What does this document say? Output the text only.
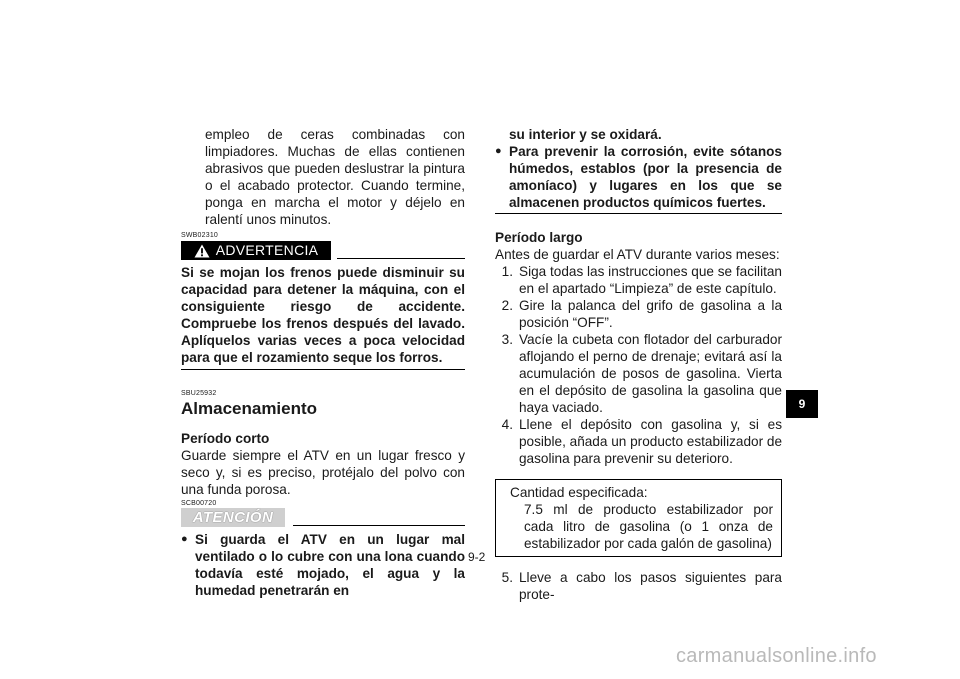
empleo de ceras combinadas con limpiadores. Muchas de ellas contienen abrasivos que pueden deslustrar la pintura o el acabado protector. Cuando termine, ponga en marcha el motor y déjelo en ralentí unos minutos.
SWB02310
ADVERTENCIA
Si se mojan los frenos puede disminuir su capacidad para detener la máquina, con el consiguiente riesgo de accidente. Compruebe los frenos después del lavado. Aplíquelos varias veces a poca velocidad para que el rozamiento seque los forros.
SBU25932
Almacenamiento
Período corto
Guarde siempre el ATV en un lugar fresco y seco y, si es preciso, protéjalo del polvo con una funda porosa.
SCB00720
ATENCIÓN
● Si guarda el ATV en un lugar mal ventilado o lo cubre con una lona cuando todavía esté mojado, el agua y la humedad penetrarán en
su interior y se oxidará.
● Para prevenir la corrosión, evite sótanos húmedos, establos (por la presencia de amoníaco) y lugares en los que se almacenen productos químicos fuertes.
Período largo
Antes de guardar el ATV durante varios meses:
1. Siga todas las instrucciones que se facilitan en el apartado “Limpieza” de este capítulo.
2. Gire la palanca del grifo de gasolina a la posición “OFF”.
3. Vacíe la cubeta con flotador del carburador aflojando el perno de drenaje; evitará así la acumulación de posos de gasolina. Vierta en el depósito de gasolina la gasolina que haya vaciado.
4. Llene el depósito con gasolina y, si es posible, añada un producto estabilizador de gasolina para prevenir su deterioro.
Cantidad especificada:
7.5 ml de producto estabilizador por cada litro de gasolina (o 1 onza de estabilizador por cada galón de gasolina)
5. Lleve a cabo los pasos siguientes para prote-
9-2
9
carmanualsonline.info
